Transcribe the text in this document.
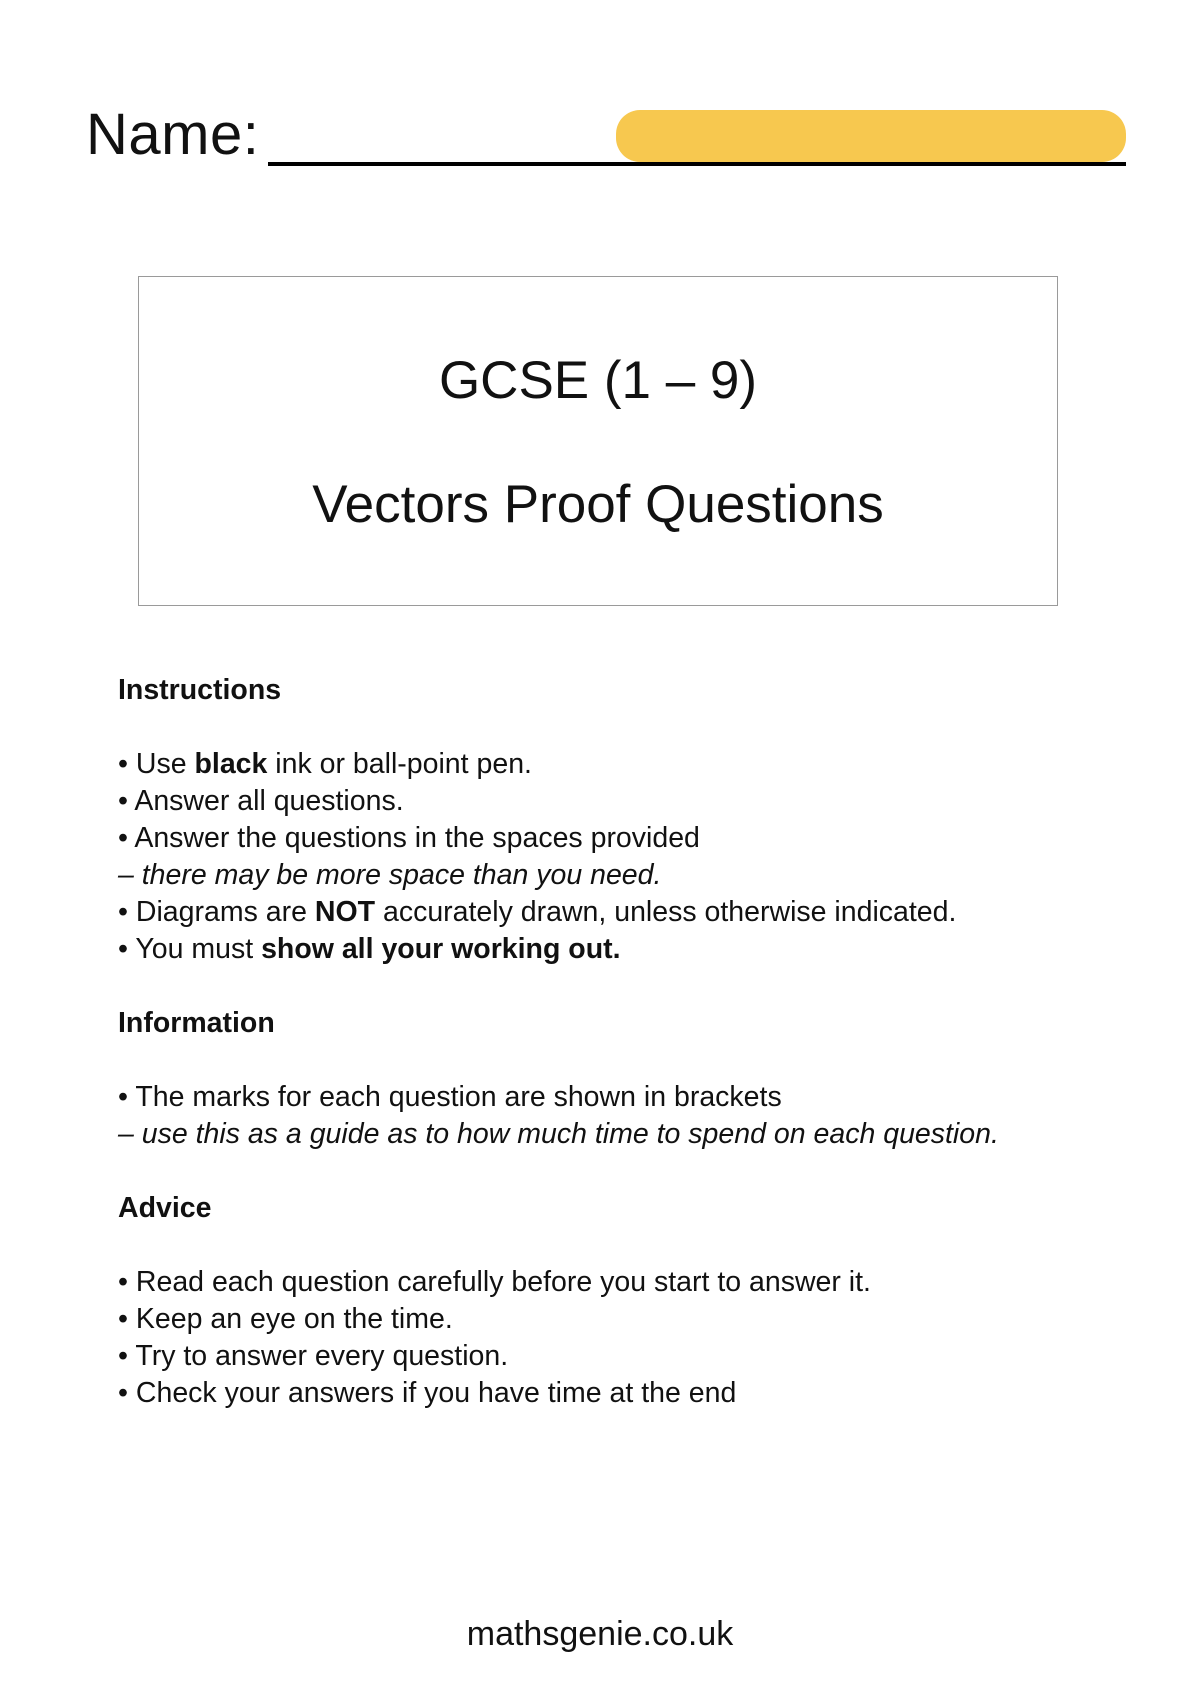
Name:
GCSE (1 – 9)
Vectors Proof Questions

Instructions

• Use black ink or ball-point pen.

• Answer all questions.

• Answer the questions in the spaces provided

– there may be more space than you need.

• Diagrams are NOT accurately drawn, unless otherwise indicated.

• You must show all your working out.

Information

• The marks for each question are shown in brackets

– use this as a guide as to how much time to spend on each question.

Advice

• Read each question carefully before you start to answer it.

• Keep an eye on the time.

• Try to answer every question.

• Check your answers if you have time at the end

mathsgenie.co.uk
